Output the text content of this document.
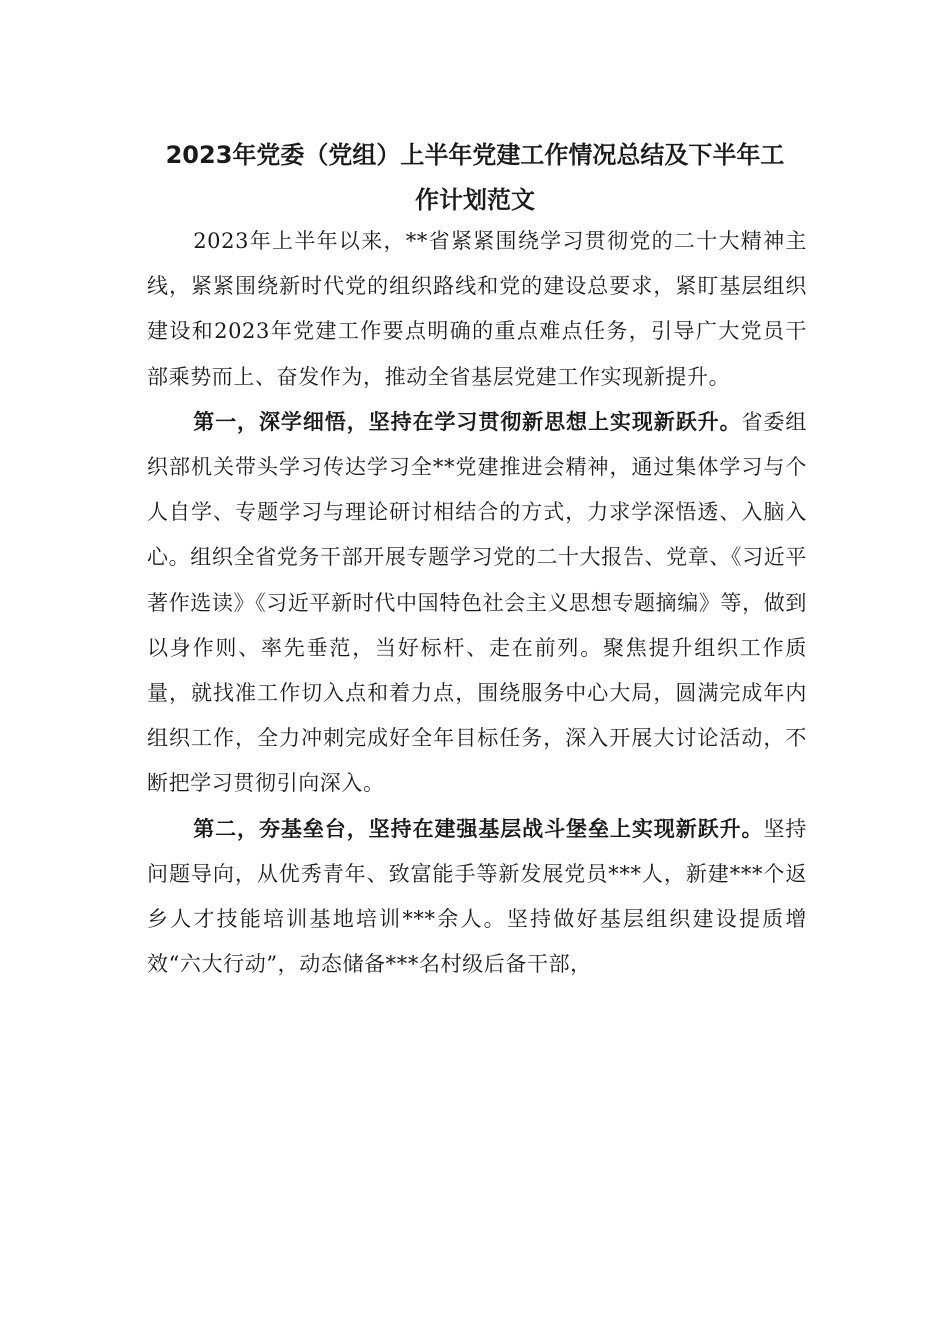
2023年党委（党组）上半年党建工作情况总结及下半年工
作计划范文

2023年上半年以来，**省紧紧围绕学习贯彻党的二十大精神主线，紧紧围绕新时代党的组织路线和党的建设总要求，紧盯基层组织建设和2023年党建工作要点明确的重点难点任务，引导广大党员干部乘势而上、奋发作为，推动全省基层党建工作实现新提升。

第一，深学细悟，坚持在学习贯彻新思想上实现新跃升。省委组织部机关带头学习传达学习全**党建推进会精神，通过集体学习与个人自学、专题学习与理论研讨相结合的方式，力求学深悟透、入脑入心。组织全省党务干部开展专题学习党的二十大报告、党章、《习近平著作选读》《习近平新时代中国特色社会主义思想专题摘编》等，做到以身作则、率先垂范，当好标杆、走在前列。聚焦提升组织工作质量，就找准工作切入点和着力点，围绕服务中心大局，圆满完成年内组织工作，全力冲刺完成好全年目标任务，深入开展大讨论活动，不断把学习贯彻引向深入。

第二，夯基垒台，坚持在建强基层战斗堡垒上实现新跃升。坚持问题导向，从优秀青年、致富能手等新发展党员***人，新建***个返乡人才技能培训基地培训***余人。坚持做好基层组织建设提质增效“六大行动”，动态储备***名村级后备干部，
